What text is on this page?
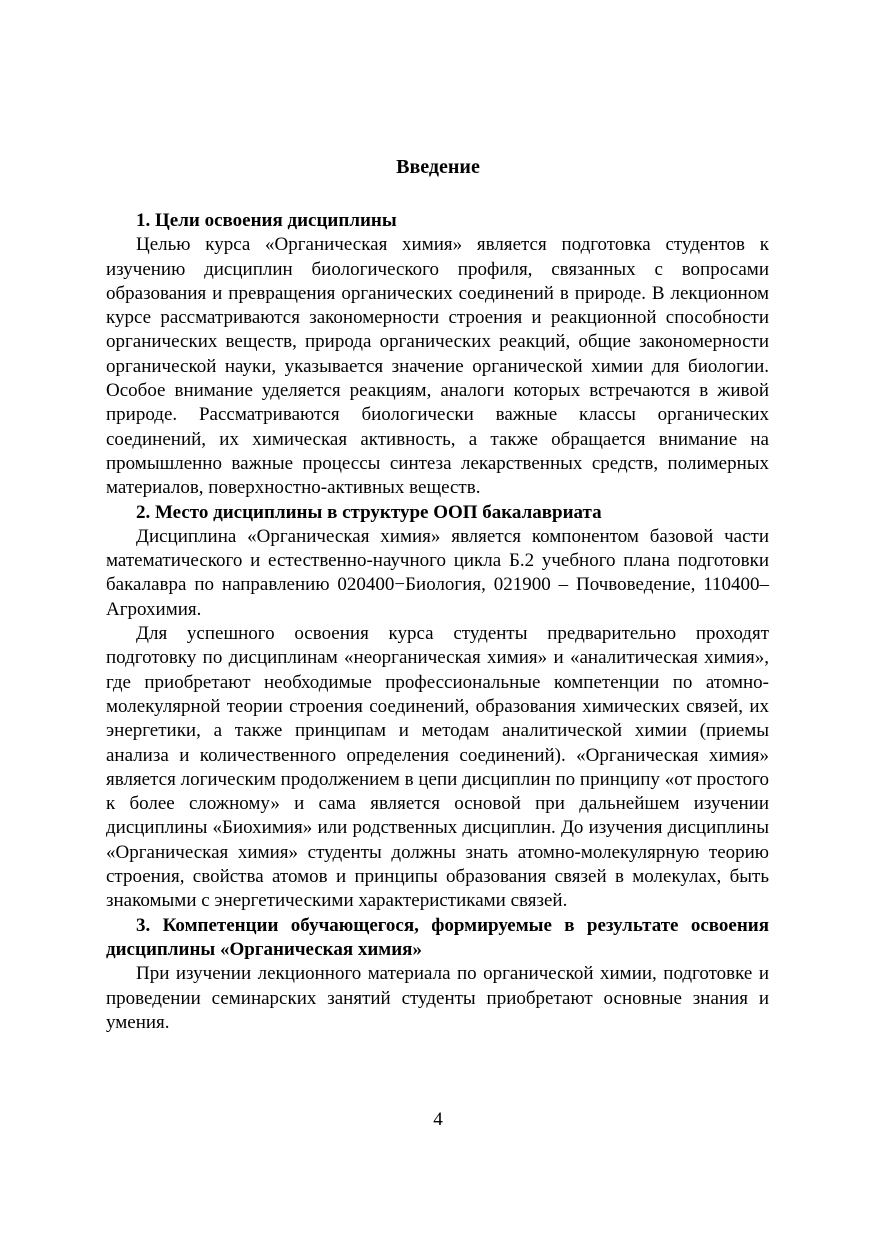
Введение

1. Цели освоения дисциплины

Целью курса «Органическая химия» является подготовка студентов к изучению дисциплин биологического профиля, связанных с вопросами образования и превращения органических соединений в природе. В лекционном курсе рассматриваются закономерности строения и реакционной способности органических веществ, природа органических реакций, общие закономерности органической науки, указывается значение органической химии для биологии. Особое внимание уделяется реакциям, аналоги которых встречаются в живой природе. Рассматриваются биологически важные классы органических соединений, их химическая активность, а также обращается внимание на промышленно важные процессы синтеза лекарственных средств, полимерных материалов, поверхностно-активных веществ.

2. Место дисциплины в структуре ООП бакалавриата

Дисциплина «Органическая химия» является компонентом базовой части математического и естественно-научного цикла Б.2 учебного плана подготовки бакалавра по направлению 020400−Биология, 021900 – Почвоведение, 110400– Агрохимия.

Для успешного освоения курса студенты предварительно проходят подготовку по дисциплинам «неорганическая химия» и «аналитическая химия», где приобретают необходимые профессиональные компетенции по атомно-молекулярной теории строения соединений, образования химических связей, их энергетики, а также принципам и методам аналитической химии (приемы анализа и количественного определения соединений). «Органическая химия» является логическим продолжением в цепи дисциплин по принципу «от простого к более сложному» и сама является основой при дальнейшем изучении дисциплины «Биохимия» или родственных дисциплин. До изучения дисциплины «Органическая химия» студенты должны знать атомно-молекулярную теорию строения, свойства атомов и принципы образования связей в молекулах, быть знакомыми с энергетическими характеристиками связей.

3. Компетенции обучающегося, формируемые в результате освоения дисциплины «Органическая химия»

При изучении лекционного материала по органической химии, подготовке и проведении семинарских занятий студенты приобретают основные знания и умения.

4
